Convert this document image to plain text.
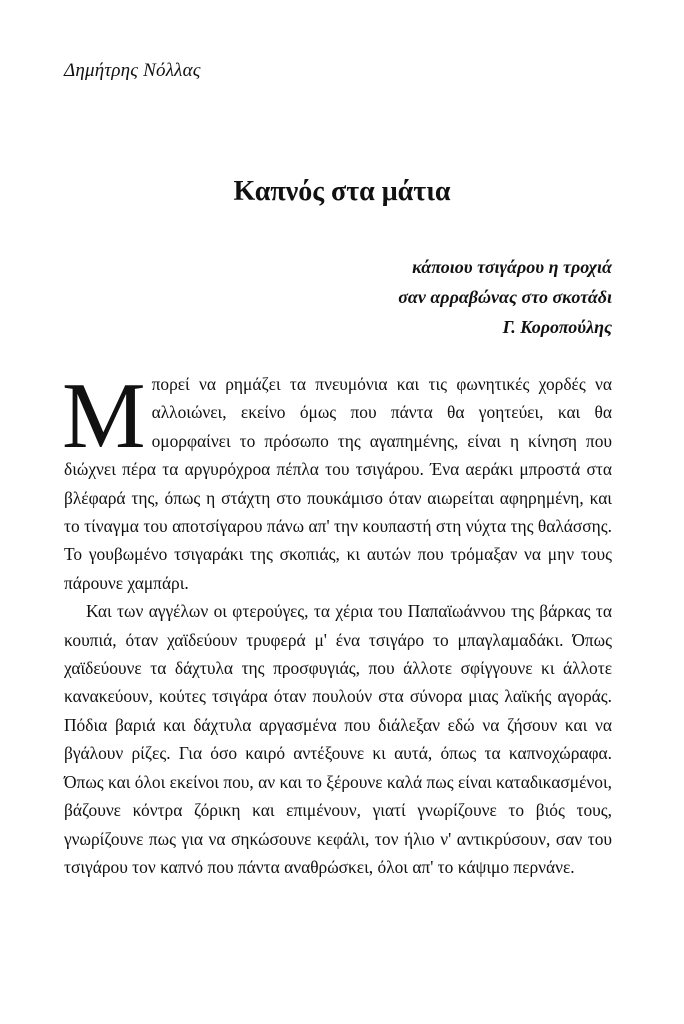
Δημήτρης Νόλλας
Καπνός στα μάτια
κάποιου τσιγάρου η τροχιά
σαν αρραβώνας στο σκοτάδι
Γ. Κοροπούλης

Μπορεί να ρημάζει τα πνευμόνια και τις φωνητικές χορδές να αλλοιώνει, εκείνο όμως που πάντα θα γοητεύει, και θα ομορφαίνει το πρόσωπο της αγαπημένης, είναι η κίνηση που διώχνει πέρα τα αργυρόχροα πέπλα του τσιγάρου. Ένα αεράκι μπροστά στα βλέφαρά της, όπως η στάχτη στο πουκάμισο όταν αιωρείται αφηρημένη, και το τίναγμα του αποτσίγαρου πάνω απ' την κουπαστή στη νύχτα της θαλάσσης. Το γουβωμένο τσιγαράκι της σκοπιάς, κι αυτών που τρόμαξαν να μην τους πάρουνε χαμπάρι.

Και των αγγέλων οι φτερούγες, τα χέρια του Παπαϊωάννου της βάρκας τα κουπιά, όταν χαϊδεύουν τρυφερά μ' ένα τσιγάρο το μπαγλαμαδάκι. Όπως χαϊδεύουνε τα δάχτυλα της προσφυγιάς, που άλλοτε σφίγγουνε κι άλλοτε κανακεύουν, κούτες τσιγάρα όταν πουλούν στα σύνορα μιας λαϊκής αγοράς. Πόδια βαριά και δάχτυλα αργασμένα που διάλεξαν εδώ να ζήσουν και να βγάλουν ρίζες. Για όσο καιρό αντέξουνε κι αυτά, όπως τα καπνοχώραφα. Όπως και όλοι εκείνοι που, αν και το ξέρουνε καλά πως είναι καταδικασμένοι, βάζουνε κόντρα ζόρικη και επιμένουν, γιατί γνωρίζουνε το βιός τους, γνωρίζουνε πως για να σηκώσουνε κεφάλι, τον ήλιο ν' αντικρύσουν, σαν του τσιγάρου τον καπνό που πάντα αναθρώσκει, όλοι απ' το κάψιμο περνάνε.
